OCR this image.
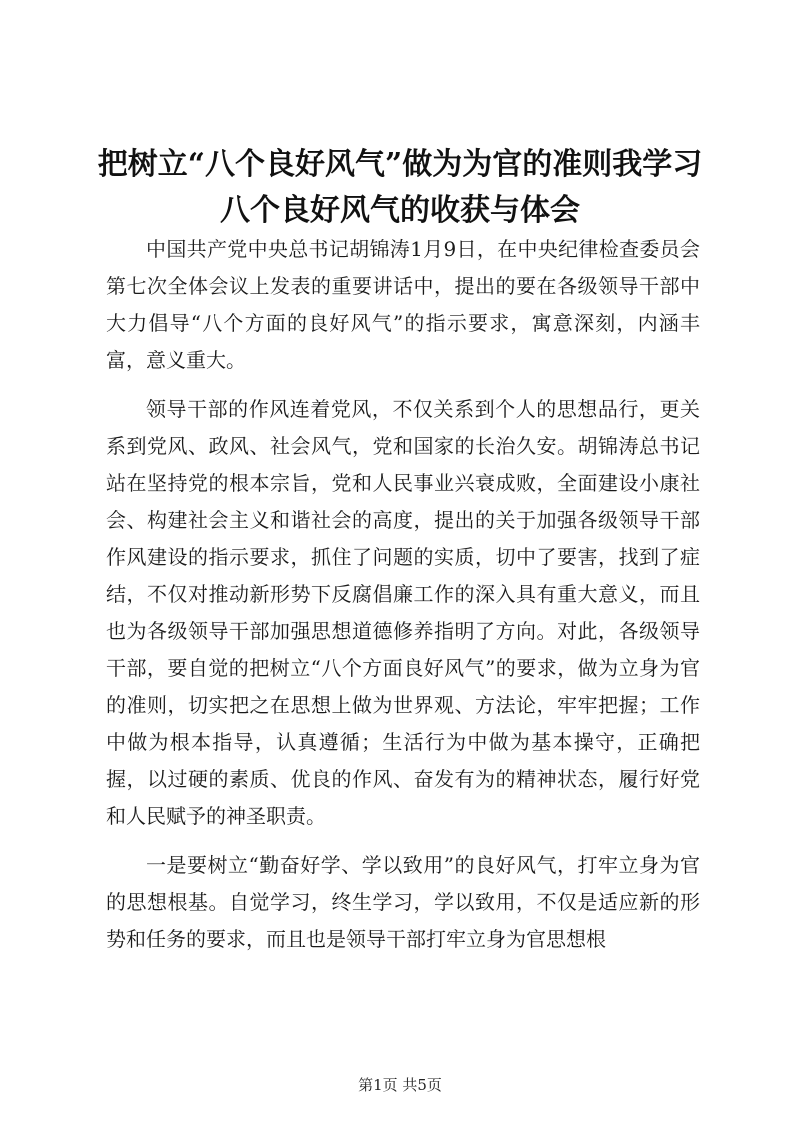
把树立“八个良好风气”做为为官的准则我学习八个良好风气的收获与体会

中国共产党中央总书记胡锦涛1月9日，在中央纪律检查委员会第七次全体会议上发表的重要讲话中，提出的要在各级领导干部中大力倡导“八个方面的良好风气”的指示要求，寓意深刻，内涵丰富，意义重大。

领导干部的作风连着党风，不仅关系到个人的思想品行，更关系到党风、政风、社会风气，党和国家的长治久安。胡锦涛总书记站在坚持党的根本宗旨，党和人民事业兴衰成败，全面建设小康社会、构建社会主义和谐社会的高度，提出的关于加强各级领导干部作风建设的指示要求，抓住了问题的实质，切中了要害，找到了症结，不仅对推动新形势下反腐倡廉工作的深入具有重大意义，而且也为各级领导干部加强思想道德修养指明了方向。对此，各级领导干部，要自觉的把树立“八个方面良好风气”的要求，做为立身为官的准则，切实把之在思想上做为世界观、方法论，牢牢把握；工作中做为根本指导，认真遵循；生活行为中做为基本操守，正确把握，以过硬的素质、优良的作风、奋发有为的精神状态，履行好党和人民赋予的神圣职责。

一是要树立“勤奋好学、学以致用”的良好风气，打牢立身为官的思想根基。自觉学习，终生学习，学以致用，不仅是适应新的形势和任务的要求，而且也是领导干部打牢立身为官思想根

第1页 共5页
